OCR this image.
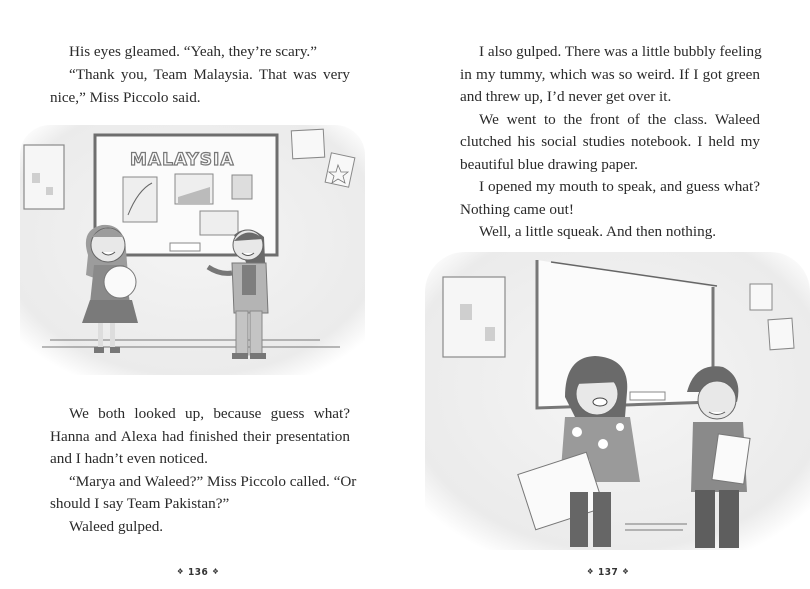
His eyes gleamed. “Yeah, they’re scary.”
“Thank you, Team Malaysia. That was very
nice,” Miss Piccolo said.
MALAYSIA
We both looked up, because guess what?
Hanna and Alexa had finished their presentation
and I hadn’t even noticed.
“Marya and Waleed?” Miss Piccolo called. “Or
should I say Team Pakistan?”
Waleed gulped.
❖ 136 ❖
I also gulped. There was a little bubbly feeling
in my tummy, which was so weird. If I got green
and threw up, I’d never get over it.
We went to the front of the class. Waleed
clutched his social studies notebook. I held my
beautiful blue drawing paper.
I opened my mouth to speak, and guess what?
Nothing came out!
Well, a little squeak. And then nothing.
❖ 137 ❖
